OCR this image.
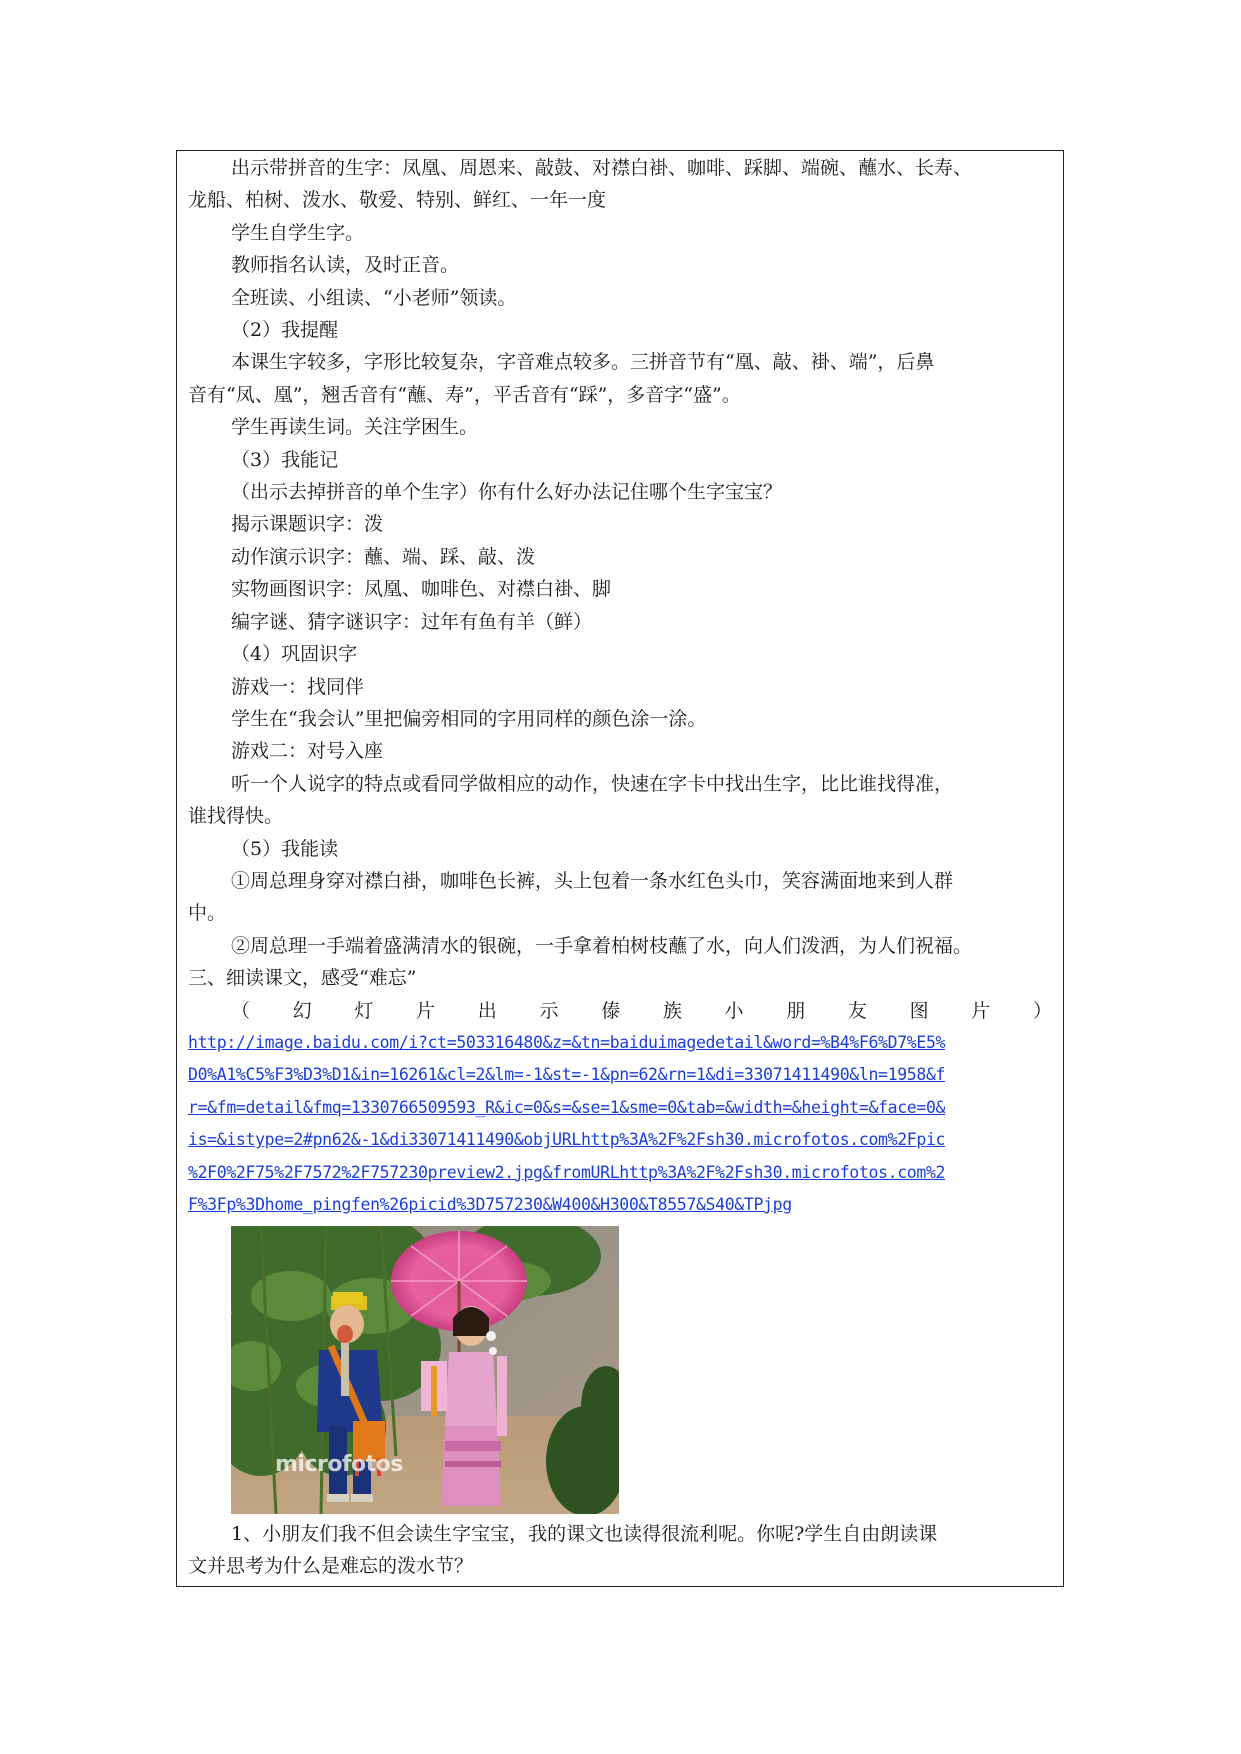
出示带拼音的生字：凤凰、周恩来、敲鼓、对襟白褂、咖啡、踩脚、端碗、蘸水、长寿、

龙船、柏树、泼水、敬爱、特别、鲜红、一年一度

学生自学生字。

教师指名认读，及时正音。

全班读、小组读、“小老师”领读。

（2）我提醒

本课生字较多，字形比较复杂，字音难点较多。三拼音节有“凰、敲、褂、端”，后鼻

音有“凤、凰”，翘舌音有“蘸、寿”，平舌音有“踩”，多音字“盛”。

学生再读生词。关注学困生。

（3）我能记

（出示去掉拼音的单个生字）你有什么好办法记住哪个生字宝宝？

揭示课题识字：泼

动作演示识字：蘸、端、踩、敲、泼

实物画图识字：凤凰、咖啡色、对襟白褂、脚

编字谜、猜字谜识字：过年有鱼有羊（鲜）

（4）巩固识字

游戏一：找同伴

学生在“我会认”里把偏旁相同的字用同样的颜色涂一涂。

游戏二：对号入座

听一个人说字的特点或看同学做相应的动作，快速在字卡中找出生字，比比谁找得准，

谁找得快。

（5）我能读

①周总理身穿对襟白褂，咖啡色长裤，头上包着一条水红色头巾，笑容满面地来到人群

中。

②周总理一手端着盛满清水的银碗，一手拿着柏树枝蘸了水，向人们泼洒，为人们祝福。

三、细读课文，感受“难忘”

（ 幻 灯 片 出 示 傣 族 小 朋 友 图 片 ）

http://image.baidu.com/i?ct=503316480&z=&tn=baiduimagedetail&word=%B4%F6%D7%E5%

D0%A1%C5%F3%D3%D1&in=16261&cl=2&lm=-1&st=-1&pn=62&rn=1&di=33071411490&ln=1958&f

r=&fm=detail&fmq=1330766509593_R&ic=0&s=&se=1&sme=0&tab=&width=&height=&face=0&

is=&istype=2#pn62&-1&di33071411490&objURLhttp%3A%2F%2Fsh30.microfotos.com%2Fpic

%2F0%2F75%2F7572%2F757230preview2.jpg&fromURLhttp%3A%2F%2Fsh30.microfotos.com%2

F%3Fp%3Dhome_pingfen%26picid%3D757230&W400&H300&T8557&S40&TPjpg

microfotos

1、小朋友们我不但会读生字宝宝，我的课文也读得很流利呢。你呢?学生自由朗读课

文并思考为什么是难忘的泼水节？
